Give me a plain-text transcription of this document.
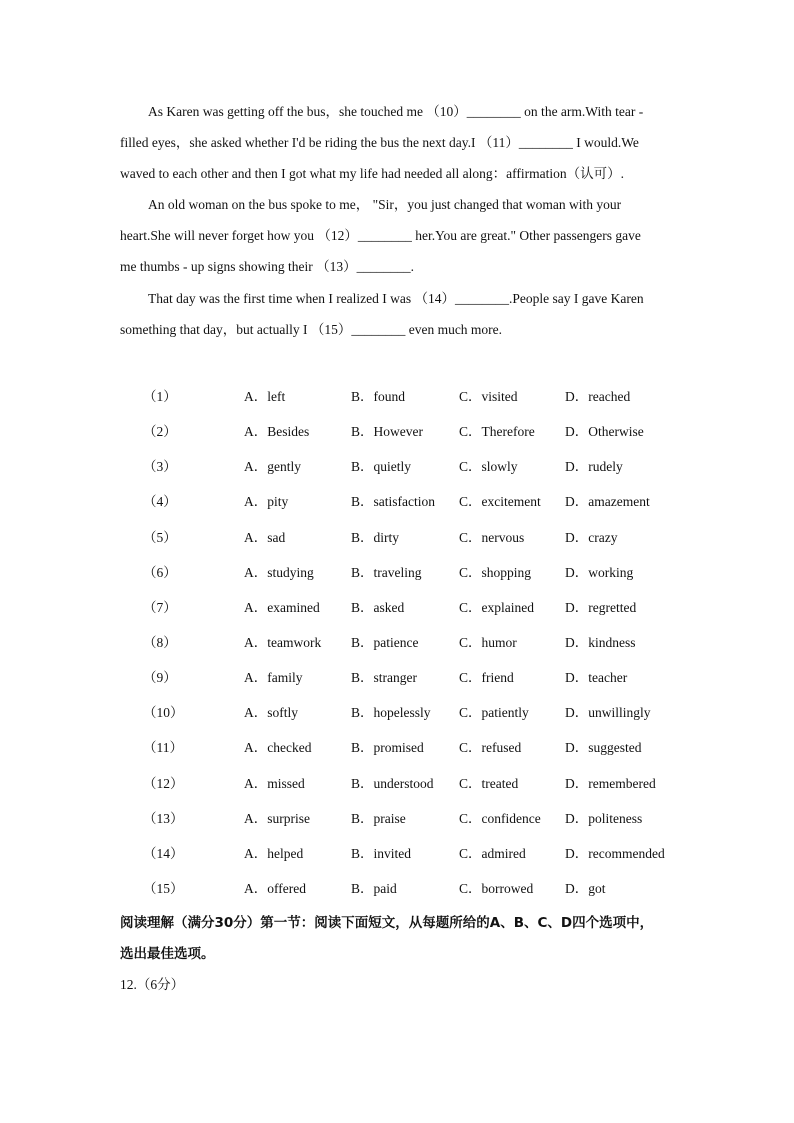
As Karen was getting off the bus，she touched me （10）________ on the arm.With tear -
filled eyes，she asked whether I'd be riding the bus the next day.I （11）________ I would.We
waved to each other and then I got what my life had needed all along：affirmation（认可）.

An old woman on the bus spoke to me， "Sir，you just changed that woman with your
heart.She will never forget how you （12）________ her.You are great." Other passengers gave
me thumbs - up signs showing their （13）________.

That day was the first time when I realized I was （14）________.People say I gave Karen
something that day，but actually I （15）________ even much more.

（1）	A．left	B．found	C．visited	D．reached
（2）	A．Besides	B．However	C．Therefore D．Otherwise
（3）	A．gently	B．quietly	C．slowly	D．rudely
（4）	A．pity	B．satisfaction C．excitement D．amazement
（5）	A．sad	B．dirty	C．nervous	D．crazy
（6）	A．studying	B．traveling	C．shopping	D．working
（7）	A．examined B．asked	C．explained D．regretted
（8）	A．teamwork B．patience	C．humor	D．kindness
（9）	A．family	B．stranger	C．friend	D．teacher
（10）	A．softly	B．hopelessly C．patiently	D．unwillingly
（11）	A．checked	B．promised	C．refused	D．suggested
（12）	A．missed	B．understood C．treated	D．remembered
（13）	A．surprise	B．praise	C．confidence D．politeness
（14）	A．helped	B．invited	C．admired	D．recommended
（15）	A．offered	B．paid	C．borrowed D．got

阅读理解（满分30分）第一节：阅读下面短文，从每题所给的A、B、C、D四个选项中，
选出最佳选项。

12.（6分）
